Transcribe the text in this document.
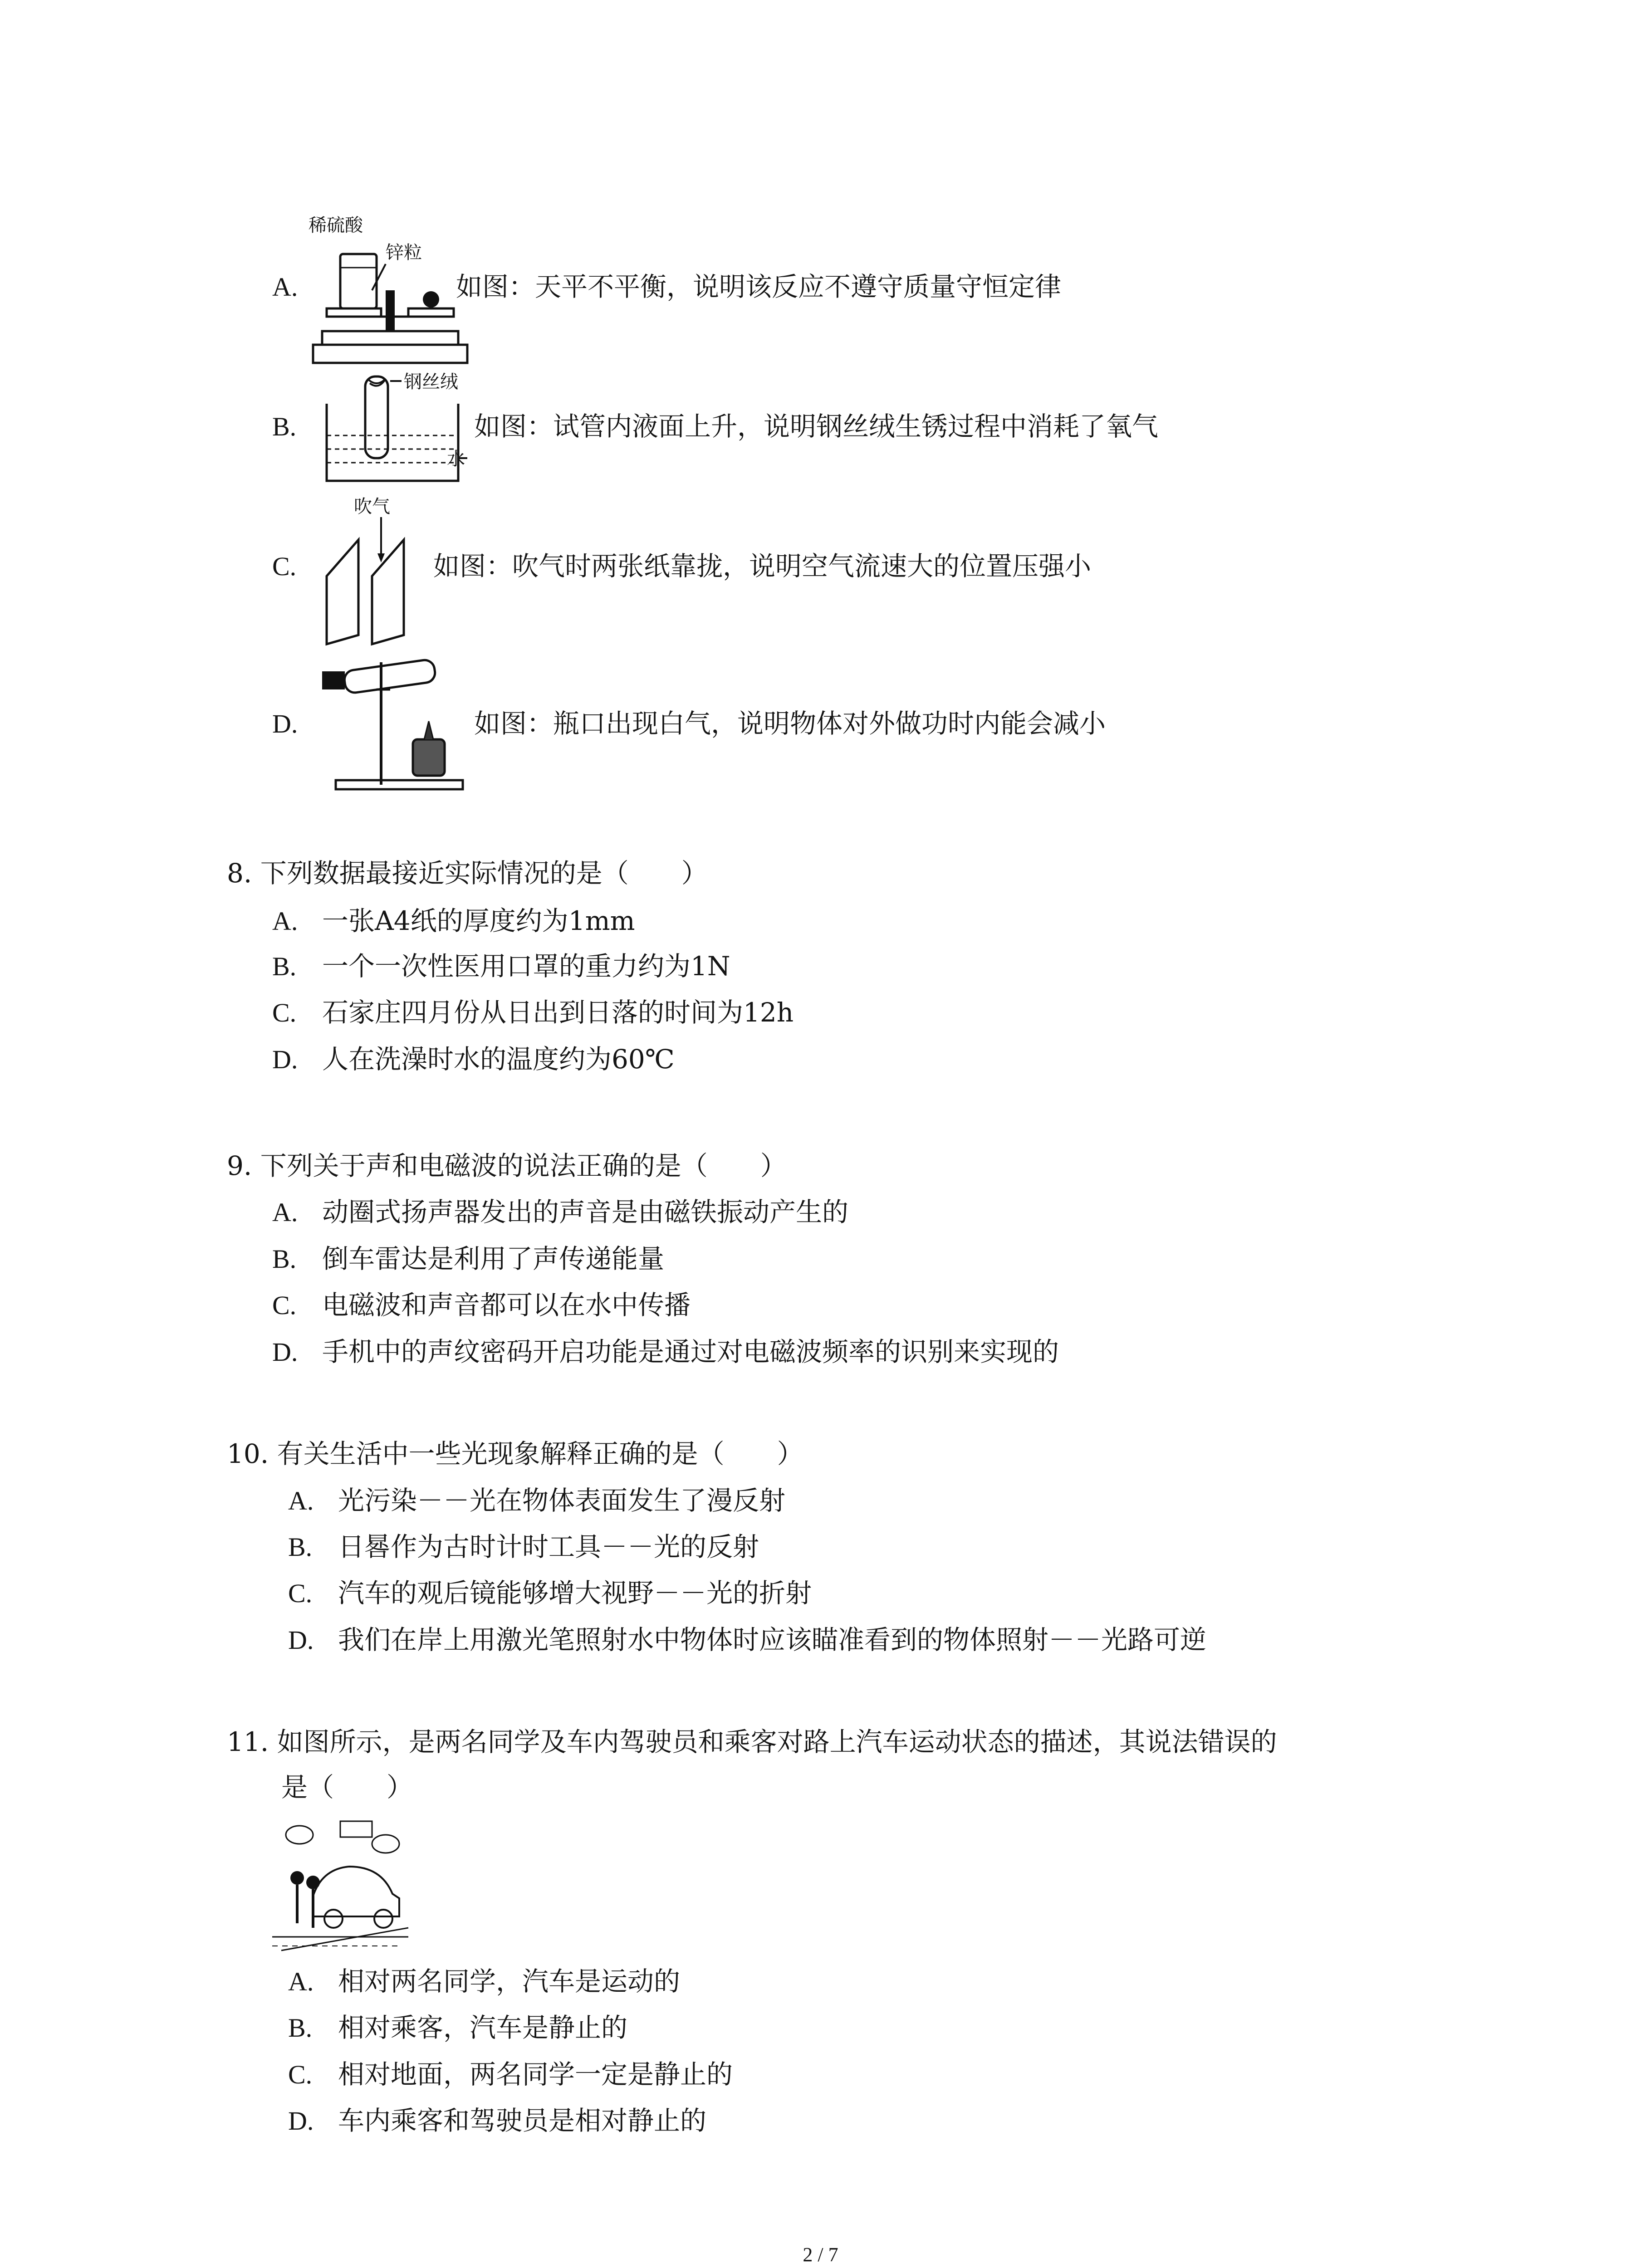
稀硫酸
锌粒
A.	如图：天平不平衡，说明该反应不遵守质量守恒定律
钢丝绒
水
B.	如图：试管内液面上升，说明钢丝绒生锈过程中消耗了氧气
吹气
C.	如图：吹气时两张纸靠拢，说明空气流速大的位置压强小
D.	如图：瓶口出现白气，说明物体对外做功时内能会减小
8. 下列数据最接近实际情况的是（　　）
A. 一张A4纸的厚度约为1mm
B. 一个一次性医用口罩的重力约为1N
C. 石家庄四月份从日出到日落的时间为12h
D. 人在洗澡时水的温度约为60℃
9. 下列关于声和电磁波的说法正确的是（　　）
A. 动圈式扬声器发出的声音是由磁铁振动产生的
B. 倒车雷达是利用了声传递能量
C. 电磁波和声音都可以在水中传播
D. 手机中的声纹密码开启功能是通过对电磁波频率的识别来实现的
10. 有关生活中一些光现象解释正确的是（　　）
A. 光污染－－光在物体表面发生了漫反射
B. 日晷作为古时计时工具－－光的反射
C. 汽车的观后镜能够增大视野－－光的折射
D. 我们在岸上用激光笔照射水中物体时应该瞄准看到的物体照射－－光路可逆
11. 如图所示，是两名同学及车内驾驶员和乘客对路上汽车运动状态的描述，其说法错误的
是（　　）
A. 相对两名同学，汽车是运动的
B. 相对乘客，汽车是静止的
C. 相对地面，两名同学一定是静止的
D. 车内乘客和驾驶员是相对静止的
2 / 7
